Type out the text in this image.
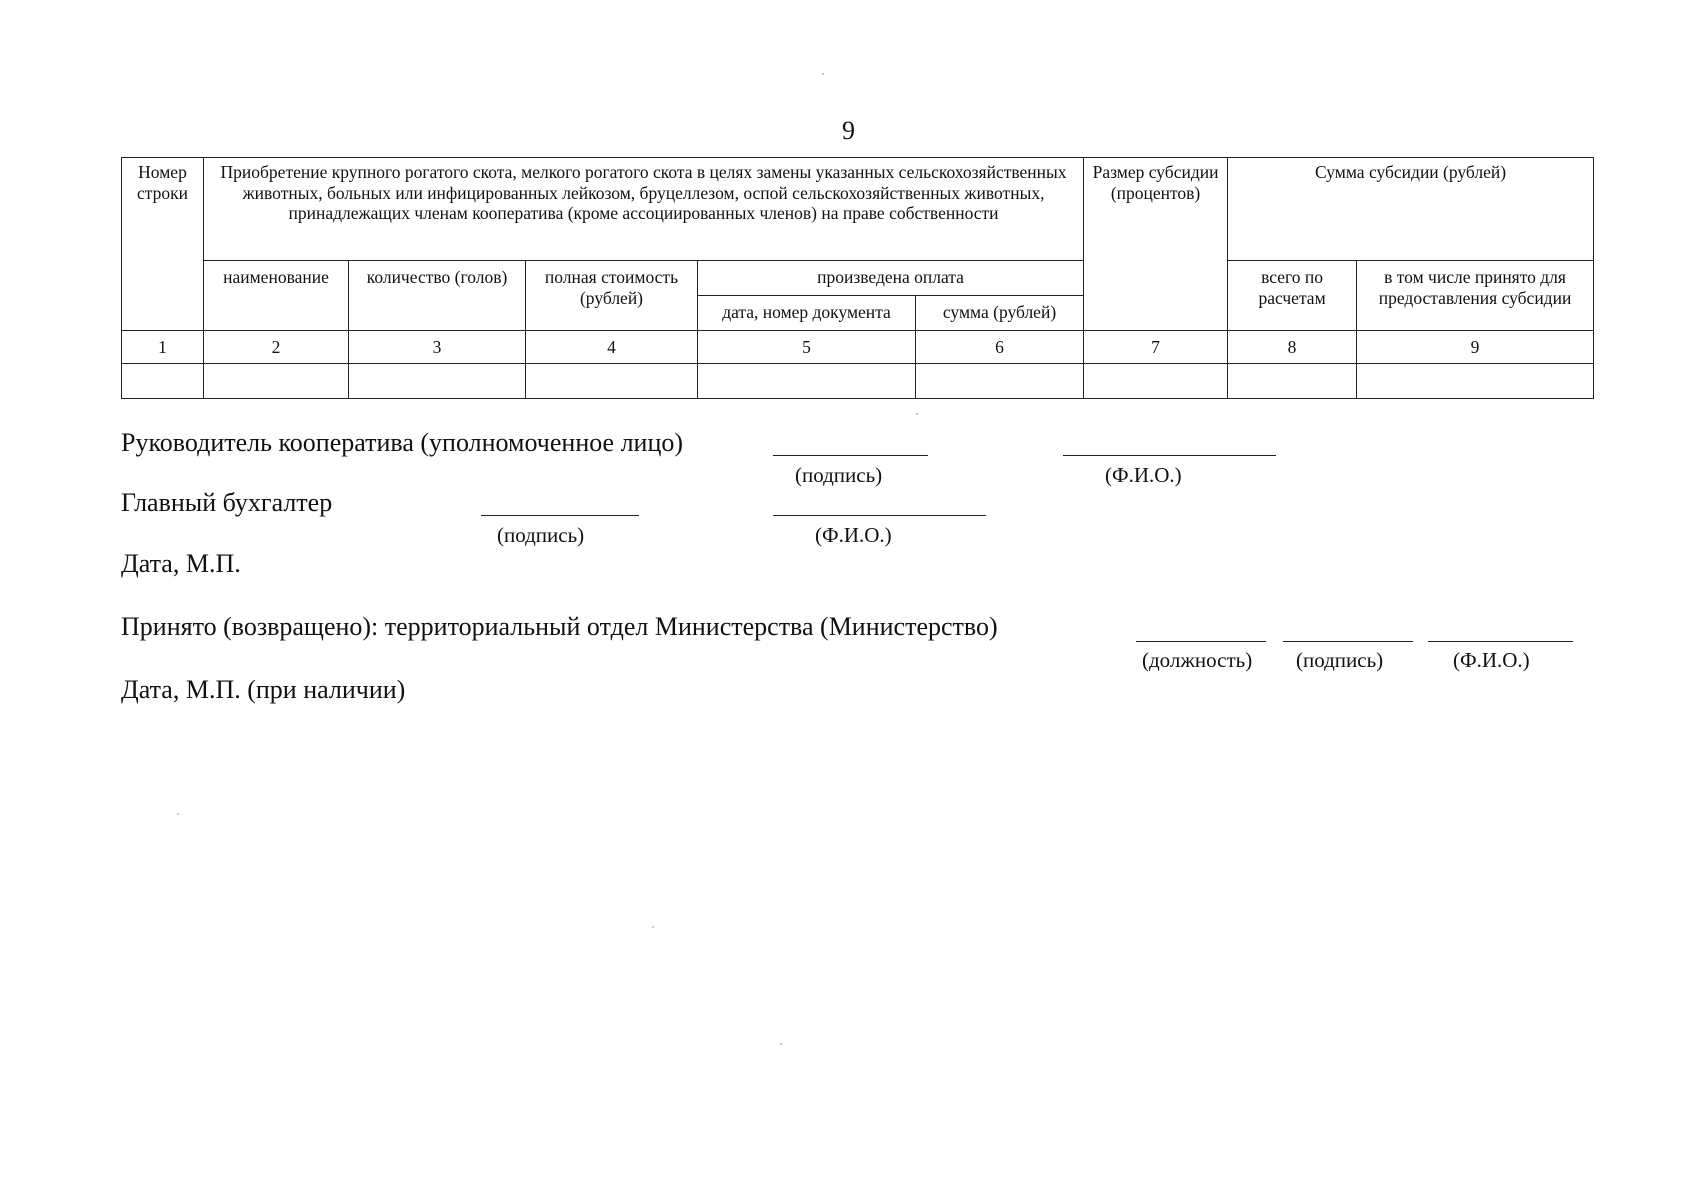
9
Номер строки	Приобретение крупного рогатого скота, мелкого рогатого скота в целях замены указанных сельскохозяйственных животных, больных или инфицированных лейкозом, бруцеллезом, оспой сельскохозяйственных животных, принадлежащих членам кооператива (кроме ассоциированных членов) на праве собственности					Размер субсидии (процентов)	Сумма субсидии (рублей)	
	наименование	количество (голов)	полная стоимость (рублей)	произведена оплата			всего по расчетам	в том числе принято для предоставления субсидии
				дата, номер документа	сумма (рублей)			
1	2	3	4	5	6	7	8	9

Руководитель кооператива (уполномоченное лицо)
(подпись)	(Ф.И.О.)
Главный бухгалтер
(подпись)	(Ф.И.О.)
Дата, М.П.
Принято (возвращено): территориальный отдел Министерства (Министерство)
(должность) (подпись)	(Ф.И.О.)
Дата, М.П. (при наличии)
